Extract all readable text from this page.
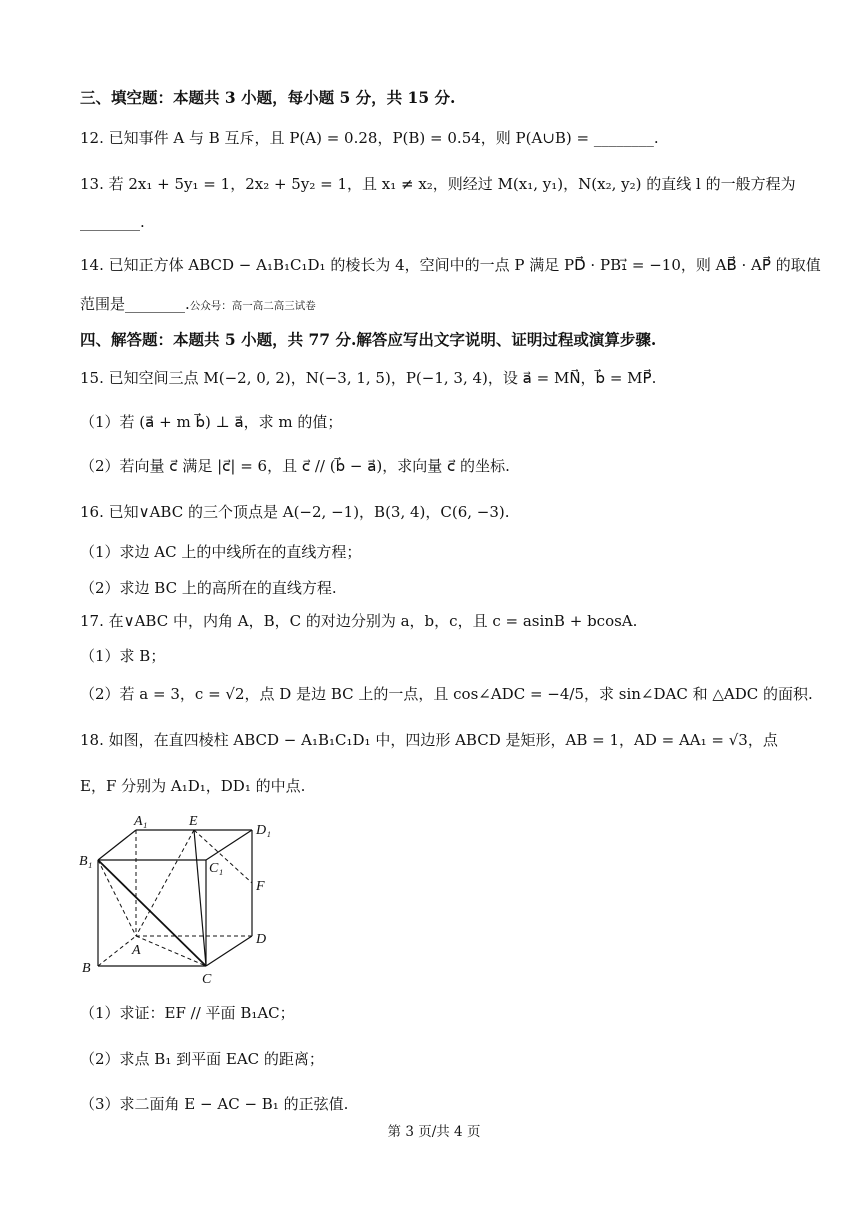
三、填空题：本题共 3 小题，每小题 5 分，共 15 分.
12. 已知事件 A 与 B 互斥，且 P(A) = 0.28，P(B) = 0.54，则 P(A∪B) = ________.
13. 若 2x₁ + 5y₁ = 1，2x₂ + 5y₂ = 1，且 x₁ ≠ x₂，则经过 M(x₁, y₁)，N(x₂, y₂) 的直线 l 的一般方程为
________.
14. 已知正方体 ABCD − A₁B₁C₁D₁ 的棱长为 4，空间中的一点 P 满足 PD⃗ · PB₁⃗ = −10，则 AB⃗ · AP⃗ 的取值
范围是________.公众号：高一高二高三试卷
四、解答题：本题共 5 小题，共 77 分.解答应写出文字说明、证明过程或演算步骤.
15. 已知空间三点 M(−2, 0, 2)，N(−3, 1, 5)，P(−1, 3, 4)，设 a⃗ = MN⃗，b⃗ = MP⃗.
（1）若 (a⃗ + m b⃗) ⊥ a⃗，求 m 的值；
（2）若向量 c⃗ 满足 |c⃗| = 6，且 c⃗ // (b⃗ − a⃗)，求向量 c⃗ 的坐标.
16. 已知∨ABC 的三个顶点是 A(−2, −1)，B(3, 4)，C(6, −3).
（1）求边 AC 上的中线所在的直线方程；
（2）求边 BC 上的高所在的直线方程.
17. 在∨ABC 中，内角 A，B，C 的对边分别为 a，b，c，且 c = asinB + bcosA.
（1）求 B；
（2）若 a = 3，c = √2，点 D 是边 BC 上的一点，且 cos∠ADC = −4/5，求 sin∠DAC 和 △ADC 的面积.
18. 如图，在直四棱柱 ABCD − A₁B₁C₁D₁ 中，四边形 ABCD 是矩形，AB = 1，AD = AA₁ = √3，点
E，F 分别为 A₁D₁，DD₁ 的中点.
A₁	E
D₁
B₁	C₁
F
D
A
B
C
（1）求证：EF // 平面 B₁AC；
（2）求点 B₁ 到平面 EAC 的距离；
（3）求二面角 E − AC − B₁ 的正弦值.
第 3 页/共 4 页
